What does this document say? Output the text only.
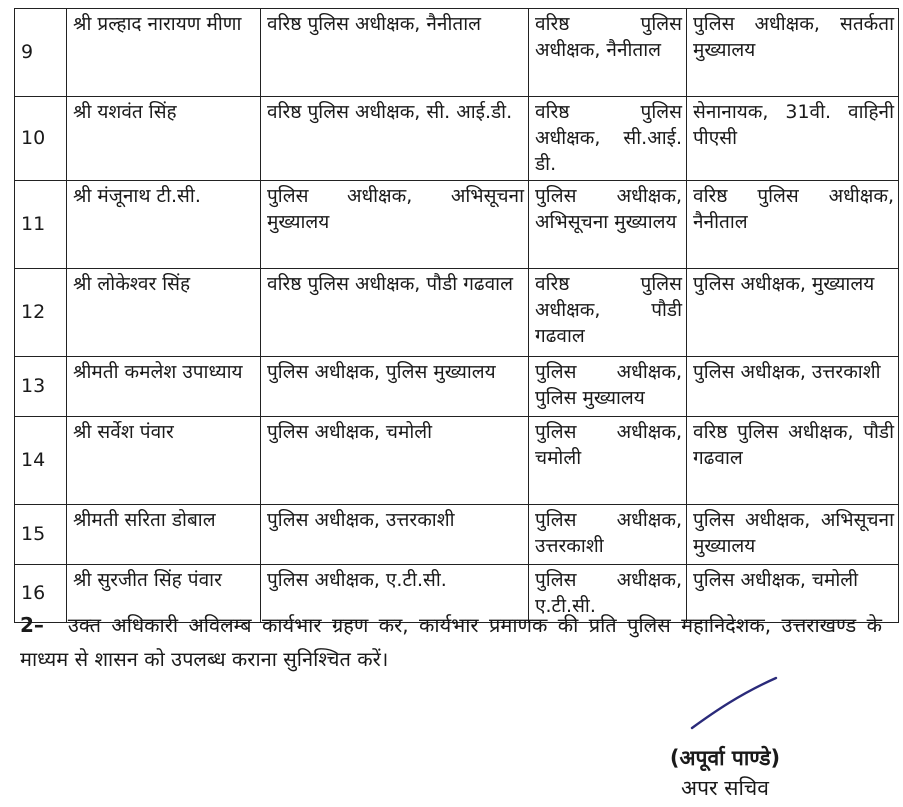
9	श्री प्रल्हाद नारायण मीणा	वरिष्ठ पुलिस अधीक्षक, नैनीताल	वरिष्ठ पुलिस अधीक्षक, नैनीताल	पुलिस अधीक्षक, सतर्कता मुख्यालय
10	श्री यशवंत सिंह	वरिष्ठ पुलिस अधीक्षक, सी. आई.डी.	वरिष्ठ पुलिस अधीक्षक, सी.आई. डी.	सेनानायक, 31वी. वाहिनी पीएसी
11	श्री मंजूनाथ टी.सी.	पुलिस अधीक्षक, अभिसूचना मुख्यालय	पुलिस अधीक्षक, अभिसूचना मुख्यालय	वरिष्ठ पुलिस अधीक्षक, नैनीताल
12	श्री लोकेश्वर सिंह	वरिष्ठ पुलिस अधीक्षक, पौडी गढवाल	वरिष्ठ पुलिस अधीक्षक, पौडी गढवाल	पुलिस अधीक्षक, मुख्यालय
13	श्रीमती कमलेश उपाध्याय	पुलिस अधीक्षक, पुलिस मुख्यालय	पुलिस अधीक्षक, पुलिस मुख्यालय	पुलिस अधीक्षक, उत्तरकाशी
14	श्री सर्वेश पंवार	पुलिस अधीक्षक, चमोली	पुलिस अधीक्षक, चमोली	वरिष्ठ पुलिस अधीक्षक, पौडी गढवाल
15	श्रीमती सरिता डोबाल	पुलिस अधीक्षक, उत्तरकाशी	पुलिस अधीक्षक, उत्तरकाशी	पुलिस अधीक्षक, अभिसूचना मुख्यालय
16	श्री सुरजीत सिंह पंवार	पुलिस अधीक्षक, ए.टी.सी.	पुलिस अधीक्षक, ए.टी.सी.	पुलिस अधीक्षक, चमोली
2– उक्त अधिकारी अविलम्ब कार्यभार ग्रहण कर, कार्यभार प्रमाणक की प्रति पुलिस महानिदेशक, उत्तराखण्ड के माध्यम से शासन को उपलब्ध कराना सुनिश्चित करें।
(अपूर्वा पाण्डे)
अपर सचिव
